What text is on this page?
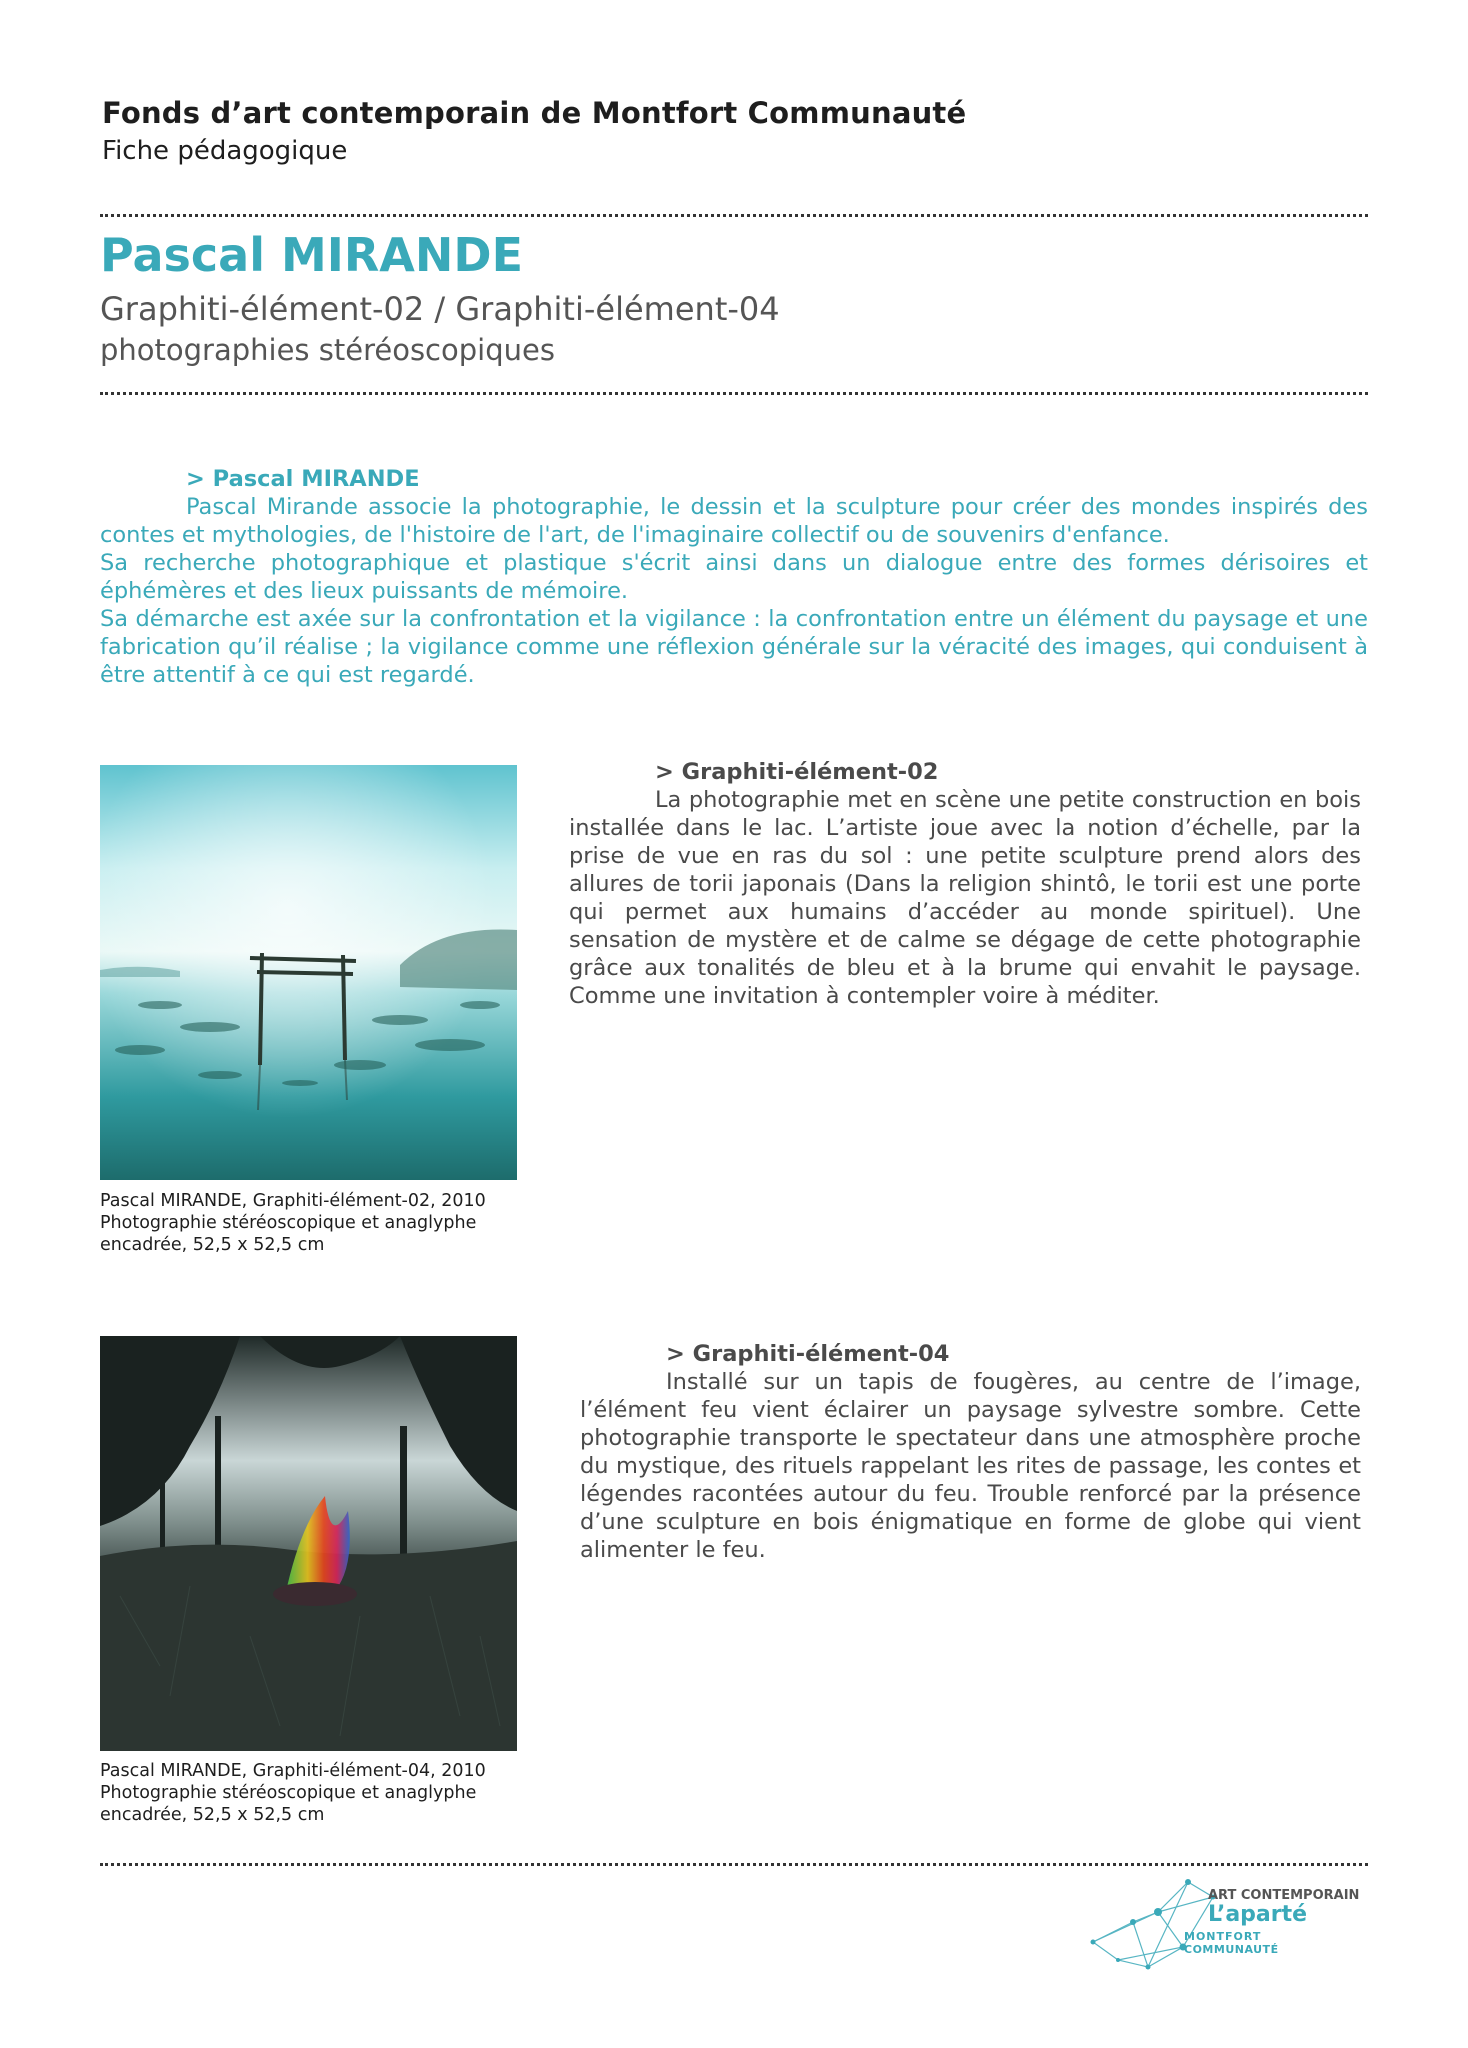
Fonds d’art contemporain de Montfort Communauté
Fiche pédagogique
Pascal MIRANDE
Graphiti-élément-02 / Graphiti-élément-04
photographies stéréoscopiques
> Pascal MIRANDE

Pascal Mirande associe la photographie, le dessin et la sculpture pour créer des mondes inspirés des contes et mythologies, de l'histoire de l'art, de l'imaginaire collectif ou de souvenirs d'enfance.

Sa recherche photographique et plastique s'écrit ainsi dans un dialogue entre des formes dérisoires et éphémères et des lieux puissants de mémoire.

Sa démarche est axée sur la confrontation et la vigilance : la confrontation entre un élément du paysage et une fabrication qu’il réalise ; la vigilance comme une réflexion générale sur la véracité des images, qui conduisent à être attentif à ce qui est regardé.

Pascal MIRANDE, Graphiti-élément-02, 2010
Photographie stéréoscopique et anaglyphe
encadrée, 52,5 x 52,5 cm
> Graphiti-élément-02

La photographie met en scène une petite construction en bois installée dans le lac. L’artiste joue avec la notion d’échelle, par la prise de vue en ras du sol : une petite sculpture prend alors des allures de torii japonais (Dans la religion shintô, le torii est une porte qui permet aux humains d’accéder au monde spirituel). Une sensation de mystère et de calme se dégage de cette photographie grâce aux tonalités de bleu et à la brume qui envahit le paysage. Comme une invitation à contempler voire à méditer.

Pascal MIRANDE, Graphiti-élément-04, 2010
Photographie stéréoscopique et anaglyphe
encadrée, 52,5 x 52,5 cm
> Graphiti-élément-04

Installé sur un tapis de fougères, au centre de l’image, l’élément feu vient éclairer un paysage sylvestre sombre. Cette photographie transporte le spectateur dans une atmosphère proche du mystique, des rituels rappelant les rites de passage, les contes et légendes racontées autour du feu. Trouble renforcé par la présence d’une sculpture en bois énigmatique en forme de globe qui vient alimenter le feu.

ART CONTEMPORAIN
L’aparté
MONTFORT
COMMUNAUTÉ
